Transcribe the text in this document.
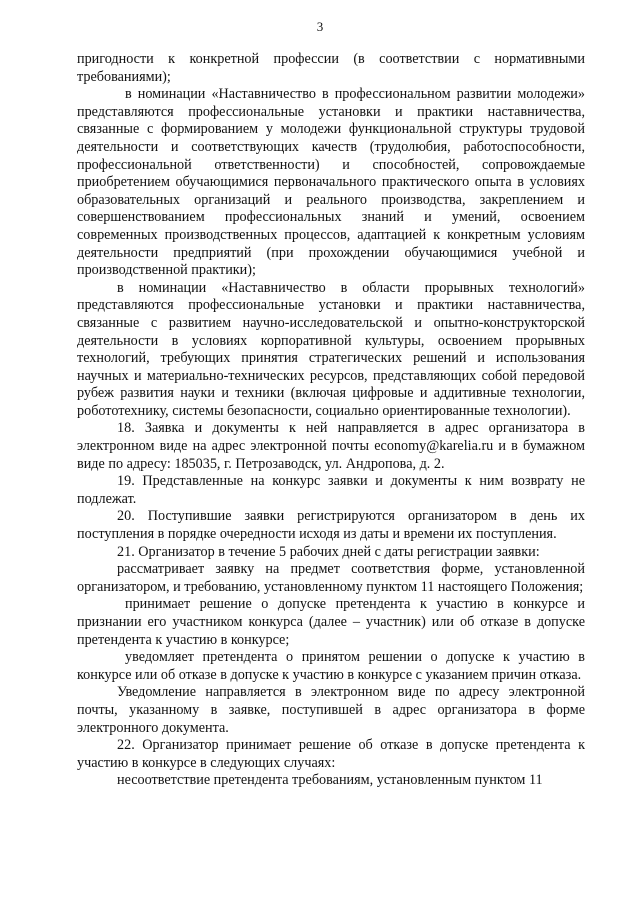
3

пригодности к конкретной профессии (в соответствии с нормативными требованиями);

в номинации «Наставничество в профессиональном развитии молодежи» представляются профессиональные установки и практики наставничества, связанные с формированием у молодежи функциональной структуры трудовой деятельности и соответствующих качеств (трудолюбия, работоспособности, профессиональной ответственности) и способностей, сопровождаемые приобретением обучающимися первоначального практического опыта в условиях образовательных организаций и реального производства, закреплением и совершенствованием профессиональных знаний и умений, освоением современных производственных процессов, адаптацией к конкретным условиям деятельности предприятий (при прохождении обучающимися учебной и производственной практики);

в номинации «Наставничество в области прорывных технологий» представляются профессиональные установки и практики наставничества, связанные с развитием научно-исследовательской и опытно-конструкторской деятельности в условиях корпоративной культуры, освоением прорывных технологий, требующих принятия стратегических решений и использования научных и материально-технических ресурсов, представляющих собой передовой рубеж развития науки и техники (включая цифровые и аддитивные технологии, робототехнику, системы безопасности, социально ориентированные технологии).

18. Заявка и документы к ней направляется в адрес организатора в электронном виде на адрес электронной почты economy@karelia.ru и в бумажном виде по адресу: 185035, г. Петрозаводск, ул. Андропова, д. 2.

19. Представленные на конкурс заявки и документы к ним возврату не подлежат.

20. Поступившие заявки регистрируются организатором в день их поступления в порядке очередности исходя из даты и времени их поступления.

21. Организатор в течение 5 рабочих дней с даты регистрации заявки:

рассматривает заявку на предмет соответствия форме, установленной организатором, и требованию, установленному пунктом 11 настоящего Положения;

принимает решение о допуске претендента к участию в конкурсе и признании его участником конкурса (далее – участник) или об отказе в допуске претендента к участию в конкурсе;

уведомляет претендента о принятом решении о допуске к участию в конкурсе или об отказе в допуске к участию в конкурсе с указанием причин отказа.

Уведомление направляется в электронном виде по адресу электронной почты, указанному в заявке, поступившей в адрес организатора в форме электронного документа.

22. Организатор принимает решение об отказе в допуске претендента к участию в конкурсе в следующих случаях:

несоответствие претендента требованиям, установленным пунктом 11
